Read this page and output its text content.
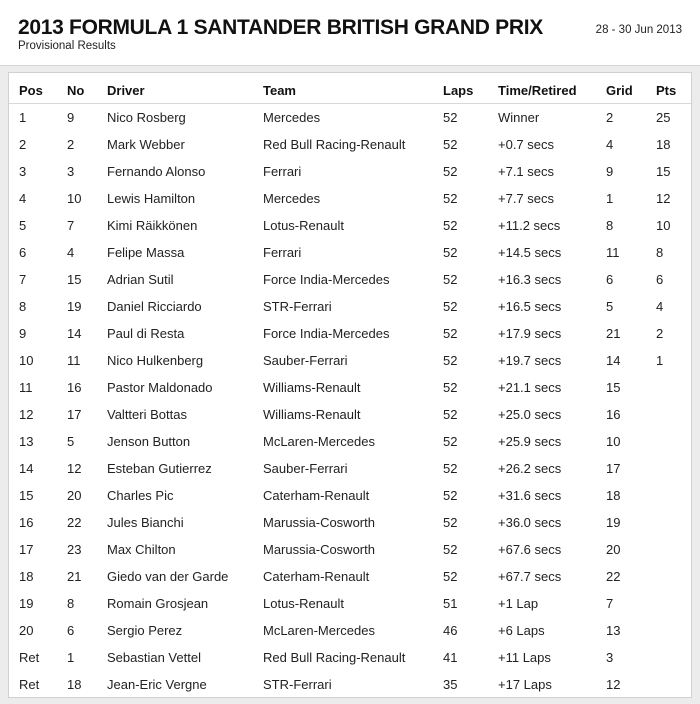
2013 FORMULA 1 SANTANDER BRITISH GRAND PRIX
Provisional Results
28 - 30 Jun 2013
Pos	No	Driver	Team	Laps	Time/Retired	Grid	Pts
1	9	Nico Rosberg	Mercedes	52	Winner	2	25
2	2	Mark Webber	Red Bull Racing-Renault	52	+0.7 secs	4	18
3	3	Fernando Alonso	Ferrari	52	+7.1 secs	9	15
4	10	Lewis Hamilton	Mercedes	52	+7.7 secs	1	12
5	7	Kimi Räikkönen	Lotus-Renault	52	+11.2 secs	8	10
6	4	Felipe Massa	Ferrari	52	+14.5 secs	11	8
7	15	Adrian Sutil	Force India-Mercedes	52	+16.3 secs	6	6
8	19	Daniel Ricciardo	STR-Ferrari	52	+16.5 secs	5	4
9	14	Paul di Resta	Force India-Mercedes	52	+17.9 secs	21	2
10	11	Nico Hulkenberg	Sauber-Ferrari	52	+19.7 secs	14	1
11	16	Pastor Maldonado	Williams-Renault	52	+21.1 secs	15	
12	17	Valtteri Bottas	Williams-Renault	52	+25.0 secs	16	
13	5	Jenson Button	McLaren-Mercedes	52	+25.9 secs	10	
14	12	Esteban Gutierrez	Sauber-Ferrari	52	+26.2 secs	17	
15	20	Charles Pic	Caterham-Renault	52	+31.6 secs	18	
16	22	Jules Bianchi	Marussia-Cosworth	52	+36.0 secs	19	
17	23	Max Chilton	Marussia-Cosworth	52	+67.6 secs	20	
18	21	Giedo van der Garde	Caterham-Renault	52	+67.7 secs	22	
19	8	Romain Grosjean	Lotus-Renault	51	+1 Lap	7	
20	6	Sergio Perez	McLaren-Mercedes	46	+6 Laps	13	
Ret	1	Sebastian Vettel	Red Bull Racing-Renault	41	+11 Laps	3	
Ret	18	Jean-Eric Vergne	STR-Ferrari	35	+17 Laps	12	
